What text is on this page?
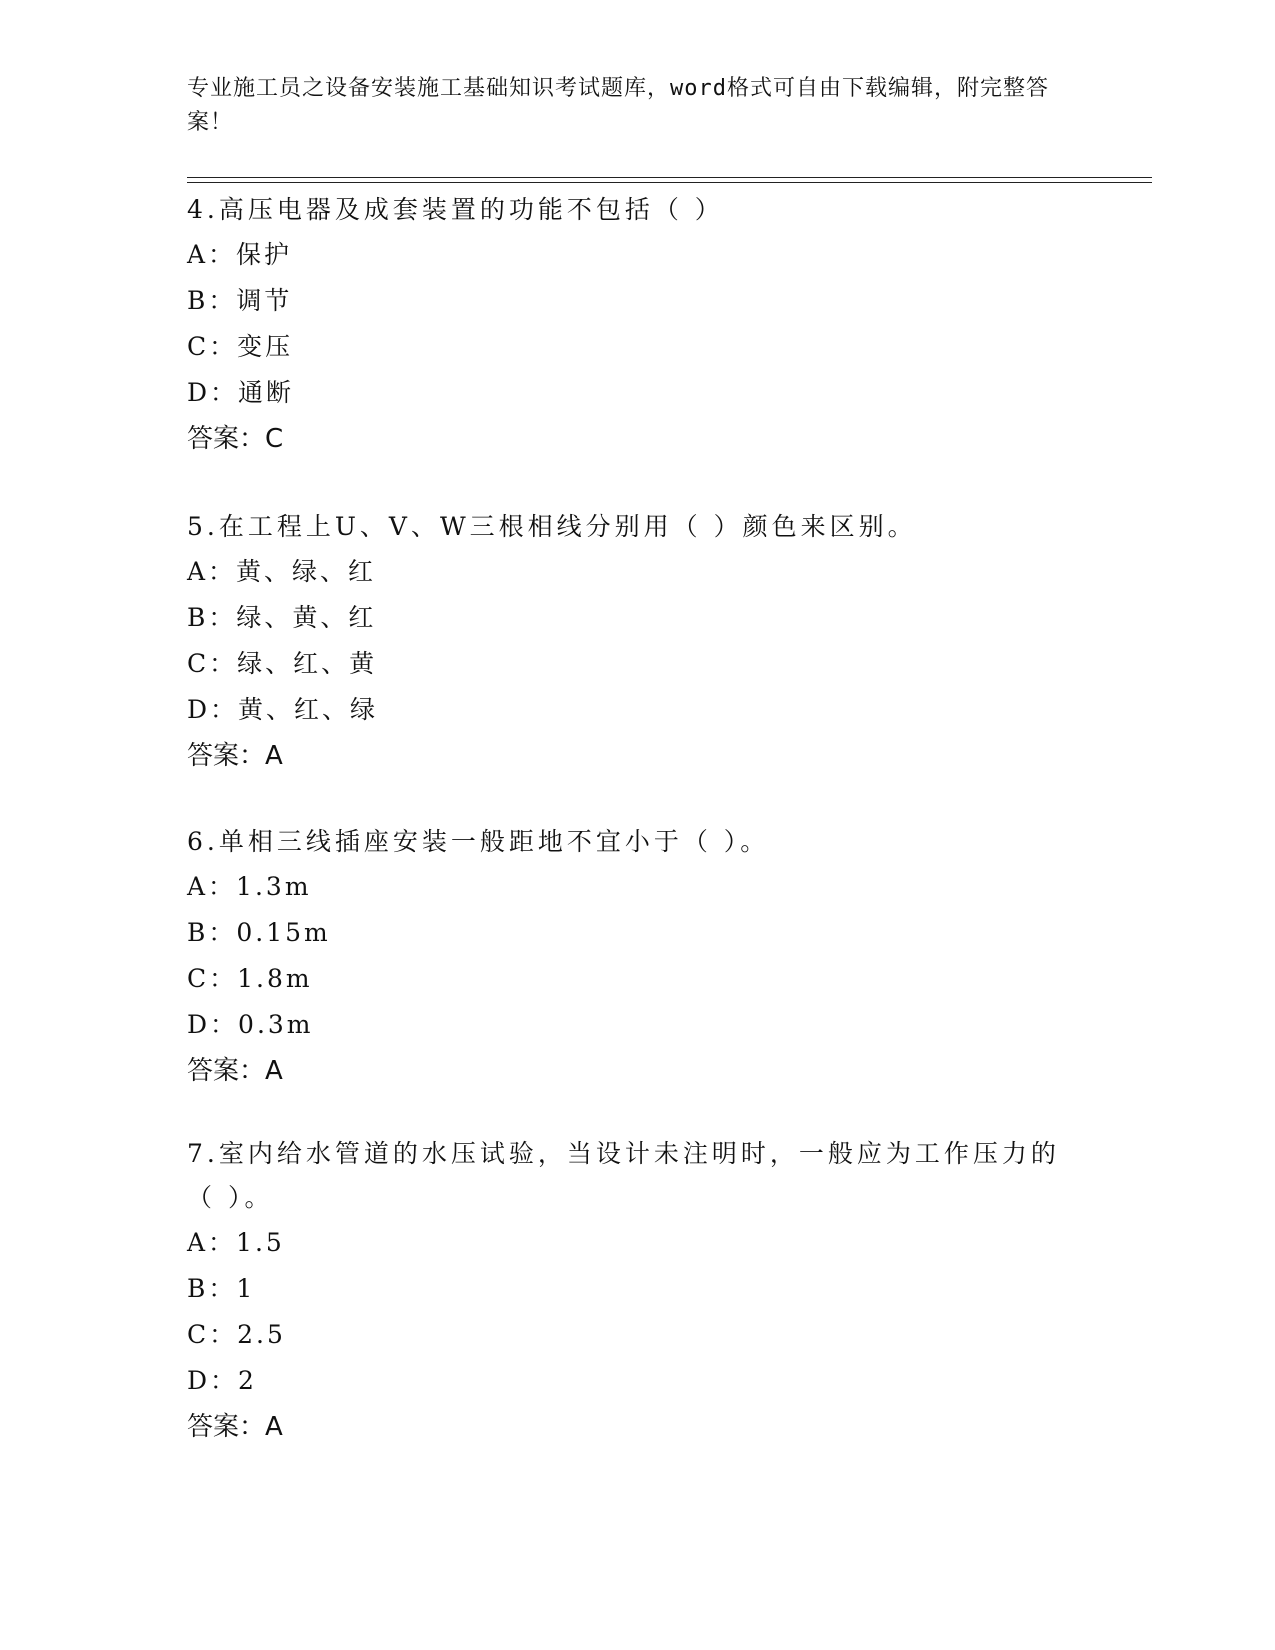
专业施工员之设备安装施工基础知识考试题库，word格式可自由下载编辑，附完整答案！

4.高压电器及成套装置的功能不包括（ ）

A：保护

B：调节

C：变压

D：通断

答案：C

5.在工程上U、V、W三根相线分别用（ ）颜色来区别。

A：黄、绿、红

B：绿、黄、红

C：绿、红、黄

D：黄、红、绿

答案：A

6.单相三线插座安装一般距地不宜小于（ ）。

A：1.3m

B：0.15m

C：1.8m

D：0.3m

答案：A

7.室内给水管道的水压试验，当设计未注明时，一般应为工作压力的（ ）。

A：1.5

B：1

C：2.5

D：2

答案：A
